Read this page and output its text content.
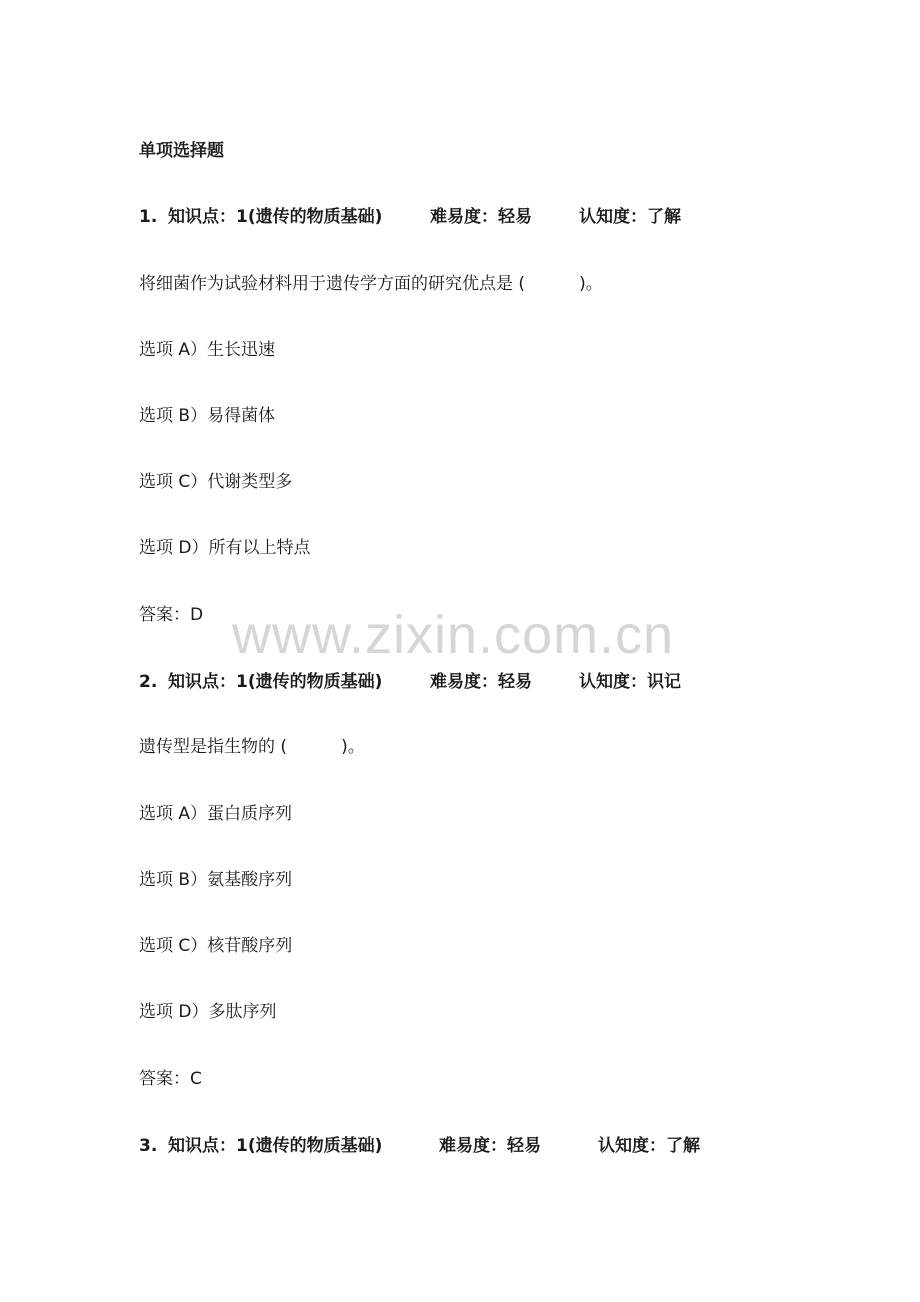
单项选择题

1.

知识点：1(遗传的物质基础)

	难易度：轻易

	认知度：了解

将细菌作为试验材料用于遗传学方面的研究优点是 (          )。
选项 A）生长迅速
选项 B）易得菌体
选项 C）代谢类型多
选项 D）所有以上特点
答案：D

2.

知识点：1(遗传的物质基础)

	难易度：轻易

	认知度：识记

遗传型是指生物的 (          )。
选项 A）蛋白质序列
选项 B）氨基酸序列
选项 C）核苷酸序列
选项 D）多肽序列
答案：C

3.

知识点：1(遗传的物质基础)

	难易度：轻易

	认知度：了解

www.zixin.com.cn
